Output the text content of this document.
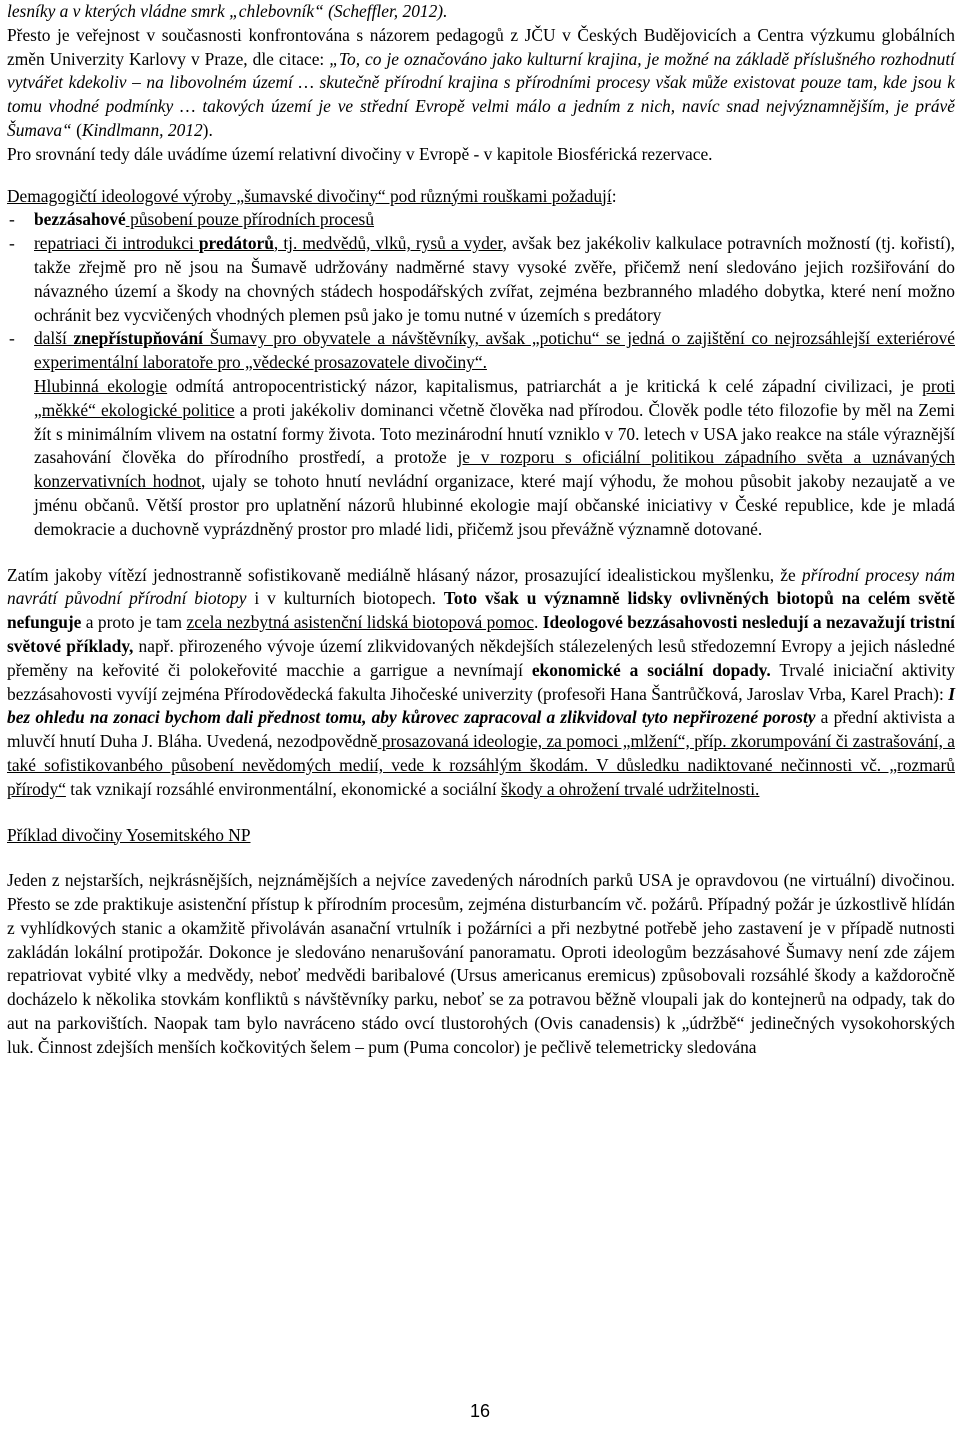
lesníky a v kterých vládne smrk „chlebovník“ (Scheffler, 2012).
Přesto je veřejnost v současnosti konfrontována s názorem pedagogů z JČU v Českých Budějovicích a Centra výzkumu globálních změn Univerzity Karlovy v Praze, dle citace: „To, co je označováno jako kulturní krajina, je možné na základě příslušného rozhodnutí vytvářet kdekoliv – na libovolném území … skutečně přírodní krajina s přírodními procesy však může existovat pouze tam, kde jsou k tomu vhodné podmínky … takových území je ve střední Evropě velmi málo a jedním z nich, navíc snad nejvýznamnějším, je právě Šumava“ (Kindlmann, 2012).

Pro srovnání tedy dále uvádíme území relativní divočiny v Evropě - v kapitole Biosférická rezervace.

Demagogičtí ideologové výroby „šumavské divočiny“ pod různými rouškami požadují:

- bezzásahové působení pouze přírodních procesů

- repatriaci či introdukci predátorů, tj. medvědů, vlků, rysů a vyder, avšak bez jakékoliv kalkulace potravních možností (tj. kořistí), takže zřejmě pro ně jsou na Šumavě udržovány nadměrné stavy vysoké zvěře, přičemž není sledováno jejich rozšiřování do návazného území a škody na chovných stádech hospodářských zvířat, zejména bezbranného mladého dobytka, které není možno ochránit bez vycvičených vhodných plemen psů jako je tomu nutné v územích s predátory

- další znepřístupňování Šumavy pro obyvatele a návštěvníky, avšak „potichu“ se jedná o zajištění co nejrozsáhlejší exteriérové experimentální laboratoře pro „vědecké prosazovatele divočiny“.

Hlubinná ekologie odmítá antropocentristický názor, kapitalismus, patriarchát a je kritická k celé západní civilizaci, je proti „měkké“ ekologické politice a proti jakékoliv dominanci včetně člověka nad přírodou. Člověk podle této filozofie by měl na Zemi žít s minimálním vlivem na ostatní formy života. Toto mezinárodní hnutí vzniklo v 70. letech v USA jako reakce na stále výraznější zasahování člověka do přírodního prostředí, a protože je v rozporu s oficiální politikou západního světa a uznávaných konzervativních hodnot, ujaly se tohoto hnutí nevládní organizace, které mají výhodu, že mohou působit jakoby nezaujatě a ve jménu občanů. Větší prostor pro uplatnění názorů hlubinné ekologie mají občanské iniciativy v České republice, kde je mladá demokracie a duchovně vyprázdněný prostor pro mladé lidi, přičemž jsou převážně významně dotované.

Zatím jakoby vítězí jednostranně sofistikovaně mediálně hlásaný názor, prosazující idealistickou myšlenku, že přírodní procesy nám navrátí původní přírodní biotopy i v kulturních biotopech. Toto však u významně lidsky ovlivněných biotopů na celém světě nefunguje a proto je tam zcela nezbytná asistenční lidská biotopová pomoc. Ideologové bezzásahovosti nesledují a nezavažují tristní světové příklady, např. přirozeného vývoje území zlikvidovaných někdejších stálezelených lesů středozemní Evropy a jejich následné přeměny na keřovité či polokeřovité macchie a garrigue a nevnímají ekonomické a sociální dopady. Trvalé iniciační aktivity bezzásahovosti vyvíjí zejména Přírodovědecká fakulta Jihočeské univerzity (profesoři Hana Šantrůčková, Jaroslav Vrba, Karel Prach): I bez ohledu na zonaci bychom dali přednost tomu, aby kůrovec zapracoval a zlikvidoval tyto nepřirozené porosty a přední aktivista a mluvčí hnutí Duha J. Bláha. Uvedená, nezodpovědně prosazovaná ideologie, za pomoci „mlžení“, příp. zkorumpování či zastrašování, a také sofistikovanbého působení nevědomých medií, vede k rozsáhlým škodám. V důsledku nadiktované nečinnosti vč. „rozmarů přírody“ tak vznikají rozsáhlé environmentální, ekonomické a sociální škody a ohrožení trvalé udržitelnosti.

Příklad divočiny Yosemitského NP

Jeden z nejstarších, nejkrásnějších, nejznámějších a nejvíce zavedených národních parků USA je opravdovou (ne virtuální) divočinou. Přesto se zde praktikuje asistenční přístup k přírodním procesům, zejména disturbancím vč. požárů. Případný požár je úzkostlivě hlídán z vyhlídkových stanic a okamžitě přivoláván asanační vrtulník i požárníci a při nezbytné potřebě jeho zastavení je v případě nutnosti zakládán lokální protipožár. Dokonce je sledováno nenarušování panoramatu. Oproti ideologům bezzásahové Šumavy není zde zájem repatriovat vybité vlky a medvědy, neboť medvědi baribalové (Ursus americanus eremicus) způsobovali rozsáhlé škody a každoročně docházelo k několika stovkám konfliktů s návštěvníky parku, neboť se za potravou běžně vloupali jak do kontejnerů na odpady, tak do aut na parkovištích. Naopak tam bylo navráceno stádo ovcí tlustorohých (Ovis canadensis) k „údržbě“ jedinečných vysokohorských luk. Činnost zdejších menších kočkovitých šelem – pum (Puma concolor) je pečlivě telemetricky sledována

16
